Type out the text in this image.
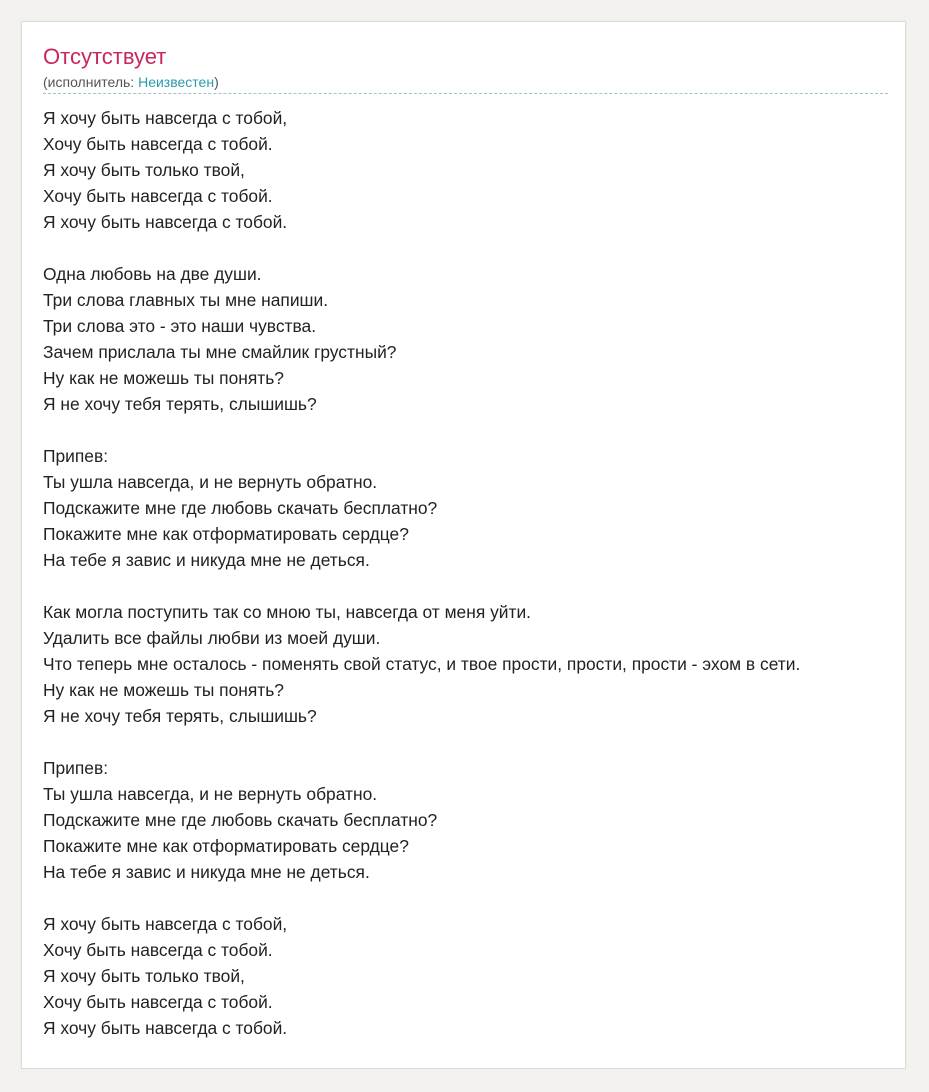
Отсутствует
(исполнитель: Неизвестен)
Я хочу быть навсегда с тобой,
Хочу быть навсегда с тобой.
Я хочу быть только твой,
Хочу быть навсегда с тобой.
Я хочу быть навсегда с тобой.
Одна любовь на две души.
Три слова главных ты мне напиши.
Три слова это - это наши чувства.
Зачем прислала ты мне смайлик грустный?
Ну как не можешь ты понять?
Я не хочу тебя терять, слышишь?
Припев:
Ты ушла навсегда, и не вернуть обратно.
Подскажите мне где любовь скачать бесплатно?
Покажите мне как отформатировать сердце?
На тебе я завис и никуда мне не деться.
Как могла поступить так со мною ты, навсегда от меня уйти.
Удалить все файлы любви из моей души.
Что теперь мне осталось - поменять свой статус, и твое прости, прости, прости - эхом в сети.
Ну как не можешь ты понять?
Я не хочу тебя терять, слышишь?
Припев:
Ты ушла навсегда, и не вернуть обратно.
Подскажите мне где любовь скачать бесплатно?
Покажите мне как отформатировать сердце?
На тебе я завис и никуда мне не деться.
Я хочу быть навсегда с тобой,
Хочу быть навсегда с тобой.
Я хочу быть только твой,
Хочу быть навсегда с тобой.
Я хочу быть навсегда с тобой.
